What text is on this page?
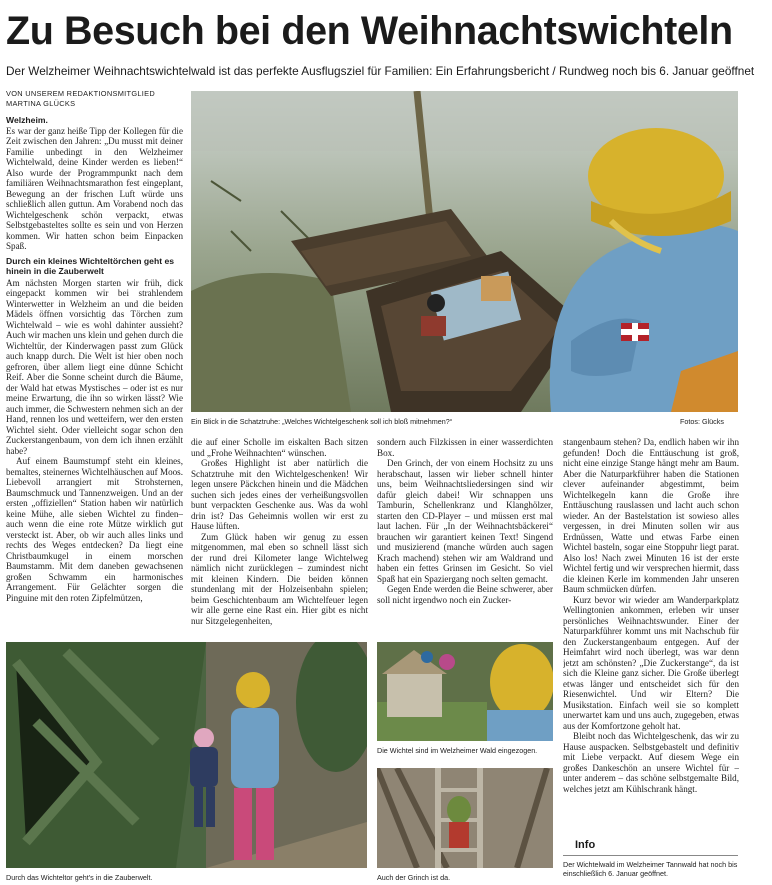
Zu Besuch bei den Weihnachtswichteln
Der Welzheimer Weihnachtswichtelwald ist das perfekte Ausflugsziel für Familien: Ein Erfahrungsbericht / Rundweg noch bis 6. Januar geöffnet
VON UNSEREM REDAKTIONSMITGLIED
MARTINA GLÜCKS

Welzheim.

Es war der ganz heiße Tipp der Kollegen für die Zeit zwischen den Jahren: „Du musst mit deiner Familie unbedingt in den Welzheimer Wichtelwald, deine Kinder werden es lieben!“ Also wurde der Programmpunkt nach dem familiären Weihnachtsmarathon fest eingeplant, Bewegung an der frischen Luft würde uns schließlich allen guttun. Am Vorabend noch das Wichtelgeschenk schön verpackt, etwas Selbstgebasteltes sollte es sein und von Herzen kommen. Wir hatten schon beim Einpacken Spaß.

Durch ein kleines Wichteltörchen geht es hinein in die Zauberwelt

Am nächsten Morgen starten wir früh, dick eingepackt kommen wir bei strahlendem Winterwetter in Welzheim an und die beiden Mädels öffnen vorsichtig das Törchen zum Wichtelwald – wie es wohl dahinter aussieht? Auch wir machen uns klein und gehen durch die Wichteltür, der Kinderwagen passt zum Glück auch knapp durch. Die Welt ist hier oben noch gefroren, über allem liegt eine dünne Schicht Reif. Aber die Sonne scheint durch die Bäume, der Wald hat etwas Mystisches – oder ist es nur meine Erwartung, die ihn so wirken lässt? Wie auch immer, die Schwestern nehmen sich an der Hand, rennen los und wetteifern, wer den ersten Wichtel sieht. Oder vielleicht sogar schon den Zuckerstangenbaum, von dem ich ihnen erzählt habe?

Auf einem Baumstumpf steht ein kleines, bemaltes, steinernes Wichtelhäuschen auf Moos. Liebevoll arrangiert mit Strohsternen, Baumschmuck und Tannenzweigen. Und an der ersten „offiziellen“ Station haben wir natürlich keine Mühe, alle sieben Wichtel zu finden– auch wenn die eine rote Mütze wirklich gut versteckt ist. Aber, ob wir auch alles links und rechts des Weges entdecken? Da liegt eine Christbaumkugel in einem morschen Baumstamm. Mit dem daneben gewachsenen großen Schwamm ein harmonisches Arrangement. Für Gelächter sorgen die Pinguine mit den roten Zipfelmützen,

Ein Blick in die Schatztruhe: „Welches Wichtelgeschenk soll ich bloß mitnehmen?“	Fotos: Glücks

die auf einer Scholle im eiskalten Bach sitzen und „Frohe Weihnachten“ wünschen.

Großes Highlight ist aber natürlich die Schatztruhe mit den Wichtelgeschenken! Wir legen unsere Päckchen hinein und die Mädchen suchen sich jedes eines der verheißungsvollen bunt verpackten Geschenke aus. Was da wohl drin ist? Das Geheimnis wollen wir erst zu Hause lüften.

Zum Glück haben wir genug zu essen mitgenommen, mal eben so schnell lässt sich der rund drei Kilometer lange Wichtelweg nämlich nicht zurücklegen – zumindest nicht mit kleinen Kindern. Die beiden können stundenlang mit der Holzeisenbahn spielen; beim Geschichtenbaum am Wichtelfeuer legen wir alle gerne eine Rast ein. Hier gibt es nicht nur Sitzgelegenheiten,

sondern auch Filzkissen in einer wasserdichten Box.

Den Grinch, der von einem Hochsitz zu uns herabschaut, lassen wir lieber schnell hinter uns, beim Weihnachtsliedersingen sind wir dafür gleich dabei! Wir schnappen uns Tamburin, Schellenkranz und Klanghölzer, starten den CD-Player – und müssen erst mal laut lachen. Für „In der Weihnachtsbäckerei“ brauchen wir garantiert keinen Text! Singend und musizierend (manche würden auch sagen Krach machend) stehen wir am Waldrand und haben ein fettes Grinsen im Gesicht. So viel Spaß hat ein Spaziergang noch selten gemacht.

Gegen Ende werden die Beine schwerer, aber soll nicht irgendwo noch ein Zucker-

stangenbaum stehen? Da, endlich haben wir ihn gefunden! Doch die Enttäuschung ist groß, nicht eine einzige Stange hängt mehr am Baum. Aber die Naturparkführer haben die Stationen clever aufeinander abgestimmt, beim Wichtelkegeln kann die Große ihre Enttäuschung rauslassen und lacht auch schon wieder. An der Bastelstation ist sowieso alles vergessen, in drei Minuten sollen wir aus Erdnüssen, Watte und etwas Farbe einen Wichtel basteln, sogar eine Stoppuhr liegt parat. Also los! Nach zwei Minuten 16 ist der erste Wichtel fertig und wir versprechen hiermit, dass die kleinen Kerle im kommenden Jahr unseren Baum schmücken dürfen.

Kurz bevor wir wieder am Wanderparkplatz Wellingtonien ankommen, erleben wir unser persönliches Weihnachtswunder. Einer der Naturparkführer kommt uns mit Nachschub für den Zuckerstangenbaum entgegen. Auf der Heimfahrt wird noch überlegt, was war denn jetzt am schönsten? „Die Zuckerstange“, da ist sich die Kleine ganz sicher. Die Große überlegt etwas länger und entscheidet sich für den Riesenwichtel. Und wir Eltern? Die Musikstation. Einfach weil sie so komplett unerwartet kam und uns auch, zugegeben, etwas aus der Komfortzone geholt hat.

Bleibt noch das Wichtelgeschenk, das wir zu Hause auspacken. Selbstgebastelt und definitiv mit Liebe verpackt. Auf diesem Wege ein großes Dankeschön an unsere Wichtel für – unter anderem – das schöne selbstgemalte Bild, welches jetzt am Kühlschrank hängt.

Durch das Wichteltor geht’s in die Zauberwelt.
Die Wichtel sind im Welzheimer Wald eingezogen.
Auch der Grinch ist da.
Info
Der Wichtelwald im Welzheimer Tannwald hat noch bis einschließlich 6. Januar geöffnet.
